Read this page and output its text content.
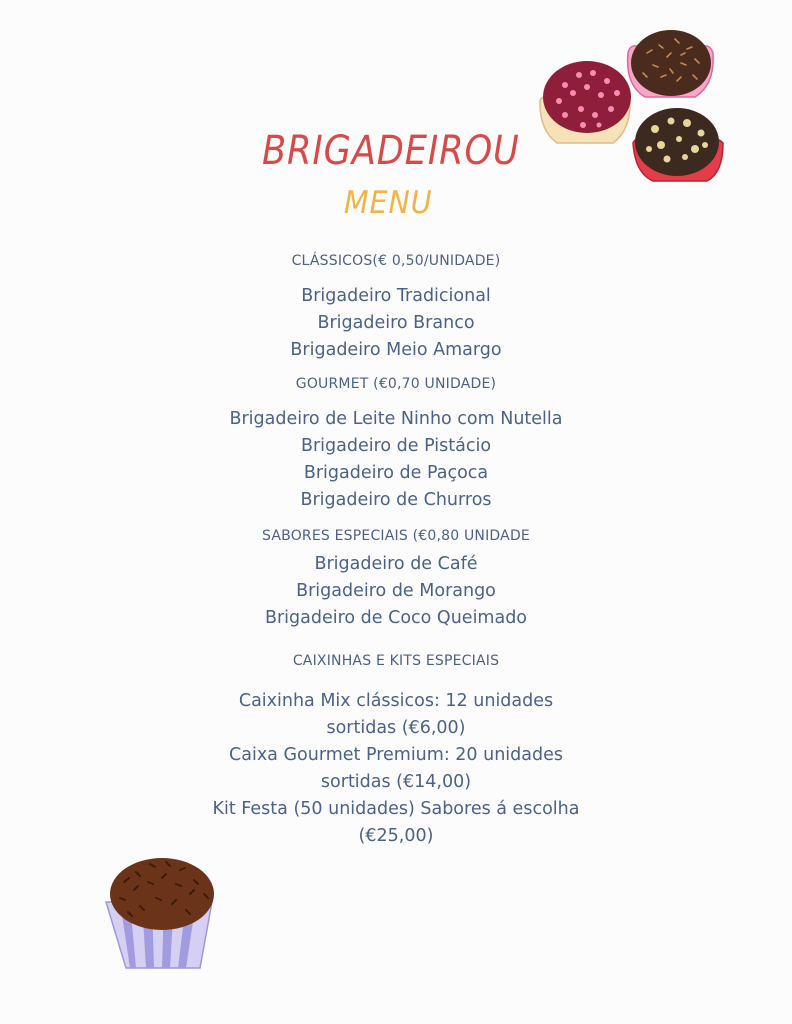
BRIGADEIROU
MENU
CLÁSSICOS(€ 0,50/UNIDADE)
Brigadeiro Tradicional
Brigadeiro Branco
Brigadeiro Meio Amargo
GOURMET (€0,70 UNIDADE)
Brigadeiro de Leite Ninho com Nutella
Brigadeiro de Pistácio
Brigadeiro de Paçoca
Brigadeiro de Churros
SABORES ESPECIAIS (€0,80 UNIDADE
Brigadeiro de Café
Brigadeiro de Morango
Brigadeiro de Coco Queimado
CAIXINHAS E KITS ESPECIAIS
Caixinha Mix clássicos: 12 unidades
sortidas (€6,00)
Caixa Gourmet Premium: 20 unidades
sortidas (€14,00)
Kit Festa (50 unidades) Sabores á escolha
(€25,00)
